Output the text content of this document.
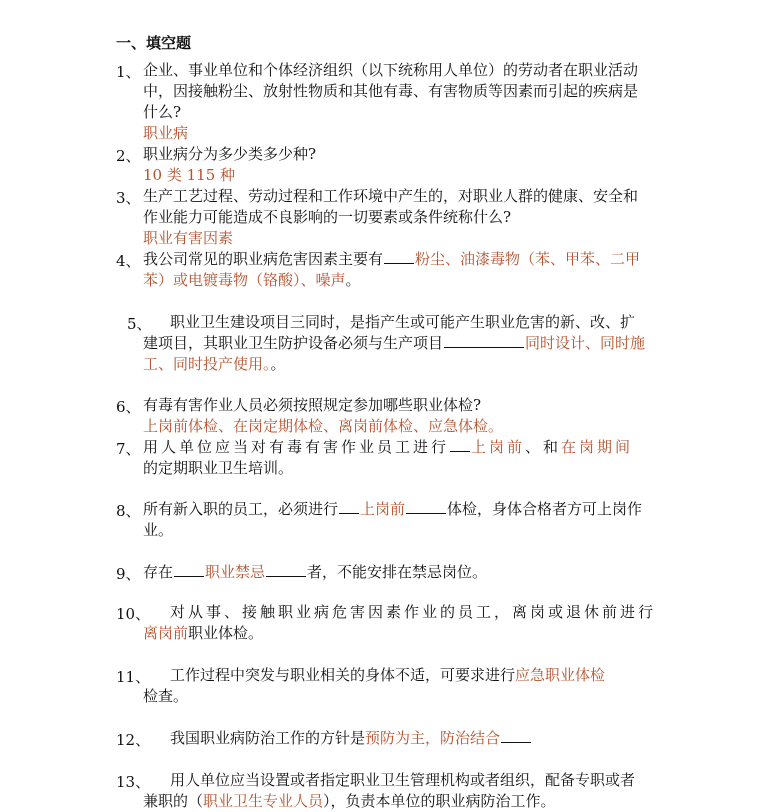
一、填空题
1、 企业、事业单位和个体经济组织（以下统称用人单位）的劳动者在职业活动
中，因接触粉尘、放射性物质和其他有毒、有害物质等因素而引起的疾病是
什么?
职业病
2、 职业病分为多少类多少种?
10 类 115 种
3、 生产工艺过程、劳动过程和工作环境中产生的，对职业人群的健康、安全和
作业能力可能造成不良影响的一切要素或条件统称什么?
职业有害因素
4、 我公司常见的职业病危害因素主要有 粉尘、油漆毒物（苯、甲苯、二甲
苯）或电镀毒物（铬酸）、噪声。
5、	职业卫生建设项目三同时，是指产生或可能产生职业危害的新、改、扩
建项目，其职业卫生防护设备必须与生产项目	同时设计、同时施
工、同时投产使用。。
6、 有毒有害作业人员必须按照规定参加哪些职业体检?
上岗前体检、在岗定期体检、离岗前体检、应急体检。
7、 用人单位应当对有毒有害作业员工进行 上岗前、和在岗期间
的定期职业卫生培训。
8、 所有新入职的员工，必须进行 上岗前	体检，身体合格者方可上岗作
业。
9、 存在 职业禁忌	者，不能安排在禁忌岗位。
10、 对从事、接触职业病危害因素作业的员工，离岗或退休前进行
离岗前职业体检。
11、 工作过程中突发与职业相关的身体不适，可要求进行应急职业体检
检查。
12、 我国职业病防治工作的方针是预防为主，防治结合
13、 用人单位应当设置或者指定职业卫生管理机构或者组织，配备专职或者
兼职的（职业卫生专业人员），负责本单位的职业病防治工作。
